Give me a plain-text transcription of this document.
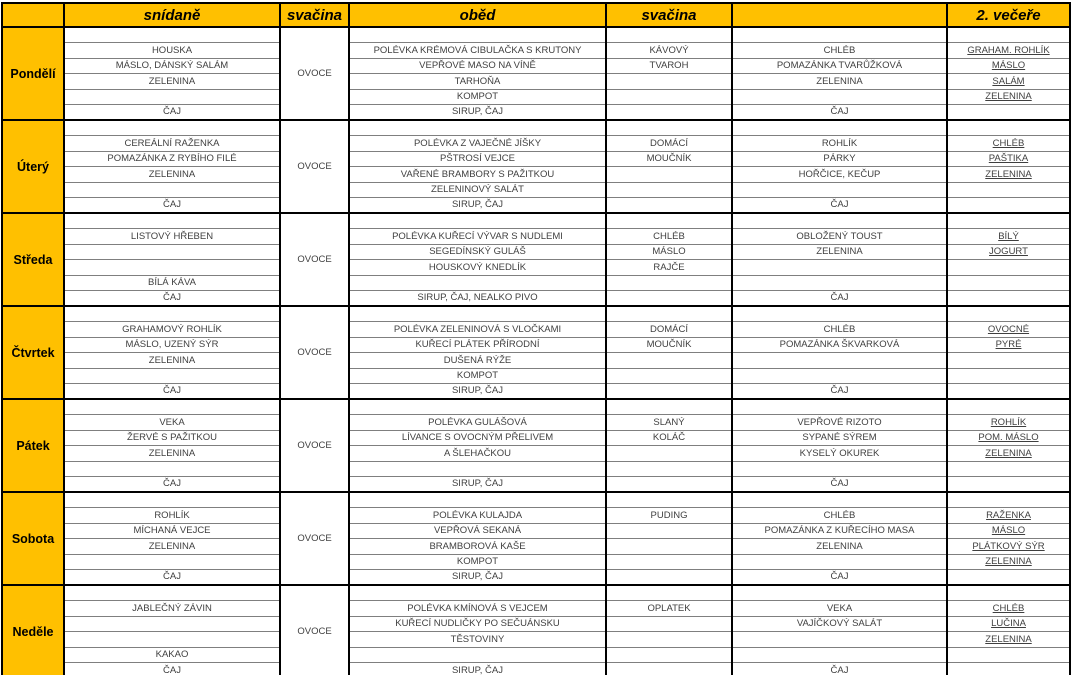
	snídaně	svačina	oběd	svačina		2. večeře
Pondělí		OVOCE				
	HOUSKA		POLÉVKA KRÉMOVÁ CIBULAČKA S KRUTONY	KÁVOVÝ	CHLÉB	GRAHAM. ROHLÍK
	MÁSLO, DÁNSKÝ SALÁM		VEPŘOVÉ MASO NA VÍNĚ	TVAROH	POMAZÁNKA TVARŮŽKOVÁ	MÁSLO
	ZELENINA		TARHOŇA		ZELENINA	SALÁM
			KOMPOT			ZELENINA
	ČAJ		SIRUP, ČAJ		ČAJ	
Úterý		OVOCE				
	CEREÁLNÍ RAŽENKA		POLÉVKA Z VAJEČNÉ JÍŠKY	DOMÁCÍ	ROHLÍK	CHLÉB
	POMAZÁNKA Z RYBÍHO FILÉ		PŠTROSÍ VEJCE	MOUČNÍK	PÁRKY	PAŠTIKA
	ZELENINA		VAŘENÉ BRAMBORY S PAŽITKOU		HOŘČICE, KEČUP	ZELENINA
			ZELENINOVÝ SALÁT			
	ČAJ		SIRUP, ČAJ		ČAJ	
Středa		OVOCE				
	LISTOVÝ HŘEBEN		POLÉVKA KUŘECÍ VÝVAR S NUDLEMI	CHLÉB	OBLOŽENÝ TOUST	BÍLÝ
			SEGEDÍNSKÝ GULÁŠ	MÁSLO	ZELENINA	JOGURT
			HOUSKOVÝ KNEDLÍK	RAJČE		
	BÍLÁ KÁVA					
	ČAJ		SIRUP, ČAJ, NEALKO PIVO		ČAJ	
Čtvrtek		OVOCE				
	GRAHAMOVÝ ROHLÍK		POLÉVKA ZELENINOVÁ S VLOČKAMI	DOMÁCÍ	CHLÉB	OVOCNÉ
	MÁSLO, UZENÝ SÝR		KUŘECÍ PLÁTEK PŘÍRODNÍ	MOUČNÍK	POMAZÁNKA ŠKVARKOVÁ	PYRÉ
	ZELENINA		DUŠENÁ RÝŽE			
			KOMPOT			
	ČAJ		SIRUP, ČAJ		ČAJ	
Pátek		OVOCE				
	VEKA		POLÉVKA GULÁŠOVÁ	SLANÝ	VEPŘOVÉ RIZOTO	ROHLÍK
	ŽERVÉ S PAŽITKOU		LÍVANCE S OVOCNÝM PŘELIVEM	KOLÁČ	SYPANÉ SÝREM	POM. MÁSLO
	ZELENINA		A ŠLEHAČKOU		KYSELÝ OKUREK	ZELENINA

	ČAJ		SIRUP, ČAJ		ČAJ	
Sobota		OVOCE				
	ROHLÍK		POLÉVKA KULAJDA	PUDING	CHLÉB	RAŽENKA
	MÍCHANÁ VEJCE		VEPŘOVÁ SEKANÁ		POMAZÁNKA Z KUŘECÍHO MASA	MÁSLO
	ZELENINA		BRAMBOROVÁ KAŠE		ZELENINA	PLÁTKOVÝ SÝR
			KOMPOT			ZELENINA
	ČAJ		SIRUP, ČAJ		ČAJ	
Neděle		OVOCE				
	JABLEČNÝ ZÁVIN		POLÉVKA KMÍNOVÁ S VEJCEM	OPLATEK	VEKA	CHLÉB
			KUŘECÍ NUDLIČKY PO SEČUÁNSKU		VAJÍČKOVÝ SALÁT	LUČINA
			TĚSTOVINY			ZELENINA
	KAKAO					
	ČAJ		SIRUP, ČAJ		ČAJ	
